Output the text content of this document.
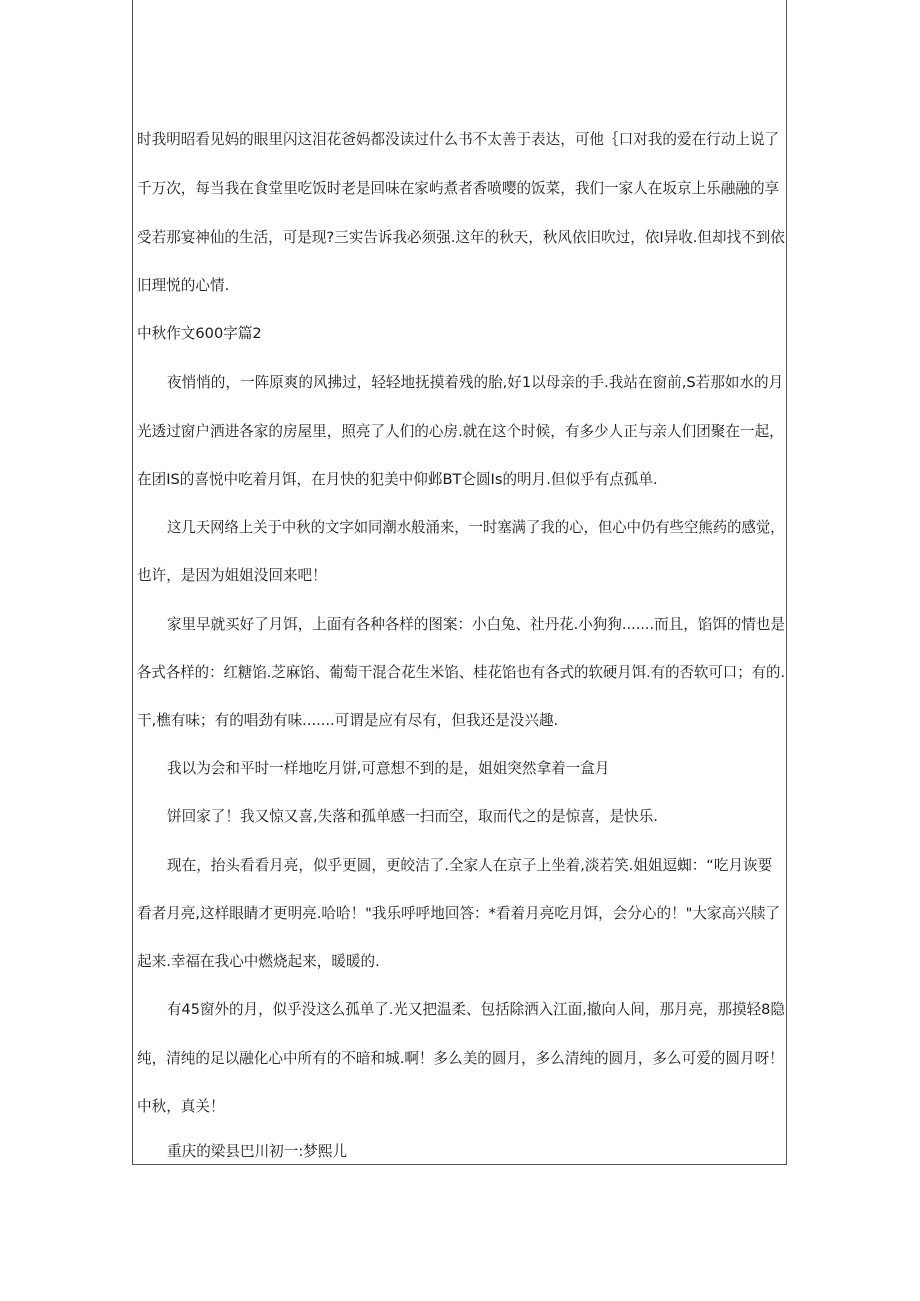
时我明昭看见妈的眼里闪这泪花爸妈都没读过什么书不太善于表达，可他｛口对我的爱在行动上说了
千万次，每当我在食堂里吃饭时老是回味在家屿煮者香喷嘤的饭菜，我们一家人在坂京上乐融融的享
受若那宴神仙的生活，可是现?三实告诉我必须强.这年的秋天，秋风依旧吹过，依I异收.但却找不到依
旧理悦的心情.
中秋作文600字篇2
夜悄悄的，一阵原爽的风拂过，轻轻地抚摸着残的胎,好1以母亲的手.我站在窗前,S若那如水的月
光透过窗户洒进各家的房屋里，照亮了人们的心房.就在这个时候，有多少人正与亲人们团聚在一起，
在团IS的喜悦中吃着月饵，在月快的犯美中仰邺BT仑圆Is的明月.但似乎有点孤单.
这几天网络上关于中秋的文字如同潮水般涌来，一时塞满了我的心，但心中仍有些空熊药的感觉，
也许，是因为姐姐没回来吧！
家里早就买好了月饵，上面有各种各样的图案：小白兔、社丹花.小狗狗.......而且，馅饵的情也是
各式各样的：红糖馅.芝麻馅、葡萄干混合花生米馅、桂花馅也有各式的软硬月饵.有的否软可口；有的.
干,樵有味；有的唱劲有味.......可谓是应有尽有，但我还是没兴趣.
我以为会和平时一样地吃月饼,可意想不到的是，姐姐突然拿着一盒月
饼回家了！我又惊又喜,失落和孤单感一扫而空，取而代之的是惊喜，是快乐.
现在，抬头看看月亮，似乎更圆，更皎洁了.全家人在京子上坐着,淡若笑.姐姐逗蜘：“吃月诙要
看者月亮,这样眼睛才更明亮.哈哈！"我乐呼呼地回答：*看着月亮吃月饵，会分心的！"大家高兴牍了
起来.幸福在我心中燃烧起来，暖暖的.
有45窗外的月，似乎没这么孤单了.光又把温柔、包括除洒入江面,撤向人间，那月亮，那摸轻8隐
纯，清纯的足以融化心中所有的不暗和城.啊！多么美的圆月，多么清纯的圆月，多么可爱的圆月呀！
中秋，真关！
重庆的梁县巴川初一:梦熙儿
